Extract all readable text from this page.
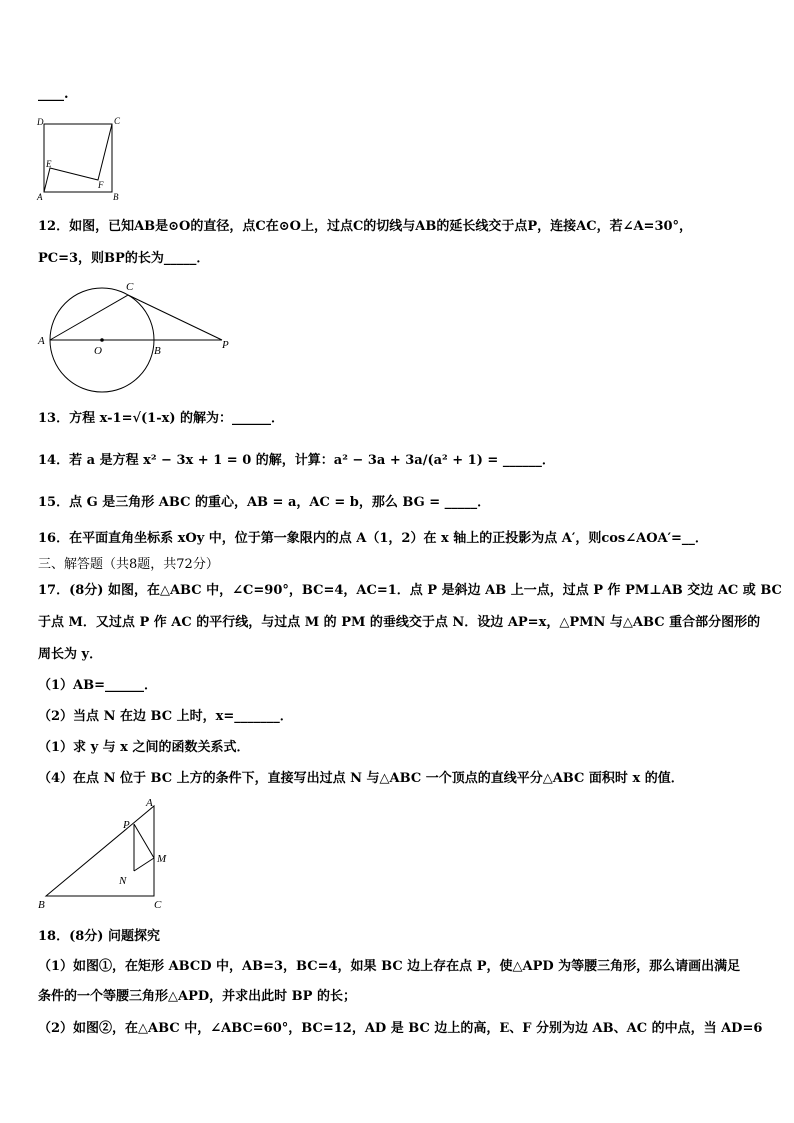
____.
D	C
E
F
A	B
12．如图，已知AB是⊙O的直径，点C在⊙O上，过点C的切线与AB的延长线交于点P，连接AC，若∠A=30°，
PC=3，则BP的长为_____．
C
A
O	B	P
13．方程 x-1=√(1-x) 的解为：______．
14．若 a 是方程 x² − 3x + 1 = 0 的解，计算：a² − 3a + 3a/(a² + 1) = ______．
15．点 G 是三角形 ABC 的重心，AB = a，AC = b，那么 BG = _____．
16．在平面直角坐标系 xOy 中，位于第一象限内的点 A（1，2）在 x 轴上的正投影为点 A′，则cos∠AOA′=__．
三、解答题（共8题，共72分）
17．(8分) 如图，在△ABC 中，∠C=90°，BC=4，AC=1．点 P 是斜边 AB 上一点，过点 P 作 PM⊥AB 交边 AC 或 BC
于点 M．又过点 P 作 AC 的平行线，与过点 M 的 PM 的垂线交于点 N．设边 AP=x，△PMN 与△ABC 重合部分图形的
周长为 y．
（1）AB=______．
（2）当点 N 在边 BC 上时，x=_______．
（1）求 y 与 x 之间的函数关系式．
（4）在点 N 位于 BC 上方的条件下，直接写出过点 N 与△ABC 一个顶点的直线平分△ABC 面积时 x 的值．
A
P
M
N
B	C
18．(8分) 问题探究
（1）如图①，在矩形 ABCD 中，AB=3，BC=4，如果 BC 边上存在点 P，使△APD 为等腰三角形，那么请画出满足
条件的一个等腰三角形△APD，并求出此时 BP 的长；
（2）如图②，在△ABC 中，∠ABC=60°，BC=12，AD 是 BC 边上的高，E、F 分别为边 AB、AC 的中点，当 AD=6
